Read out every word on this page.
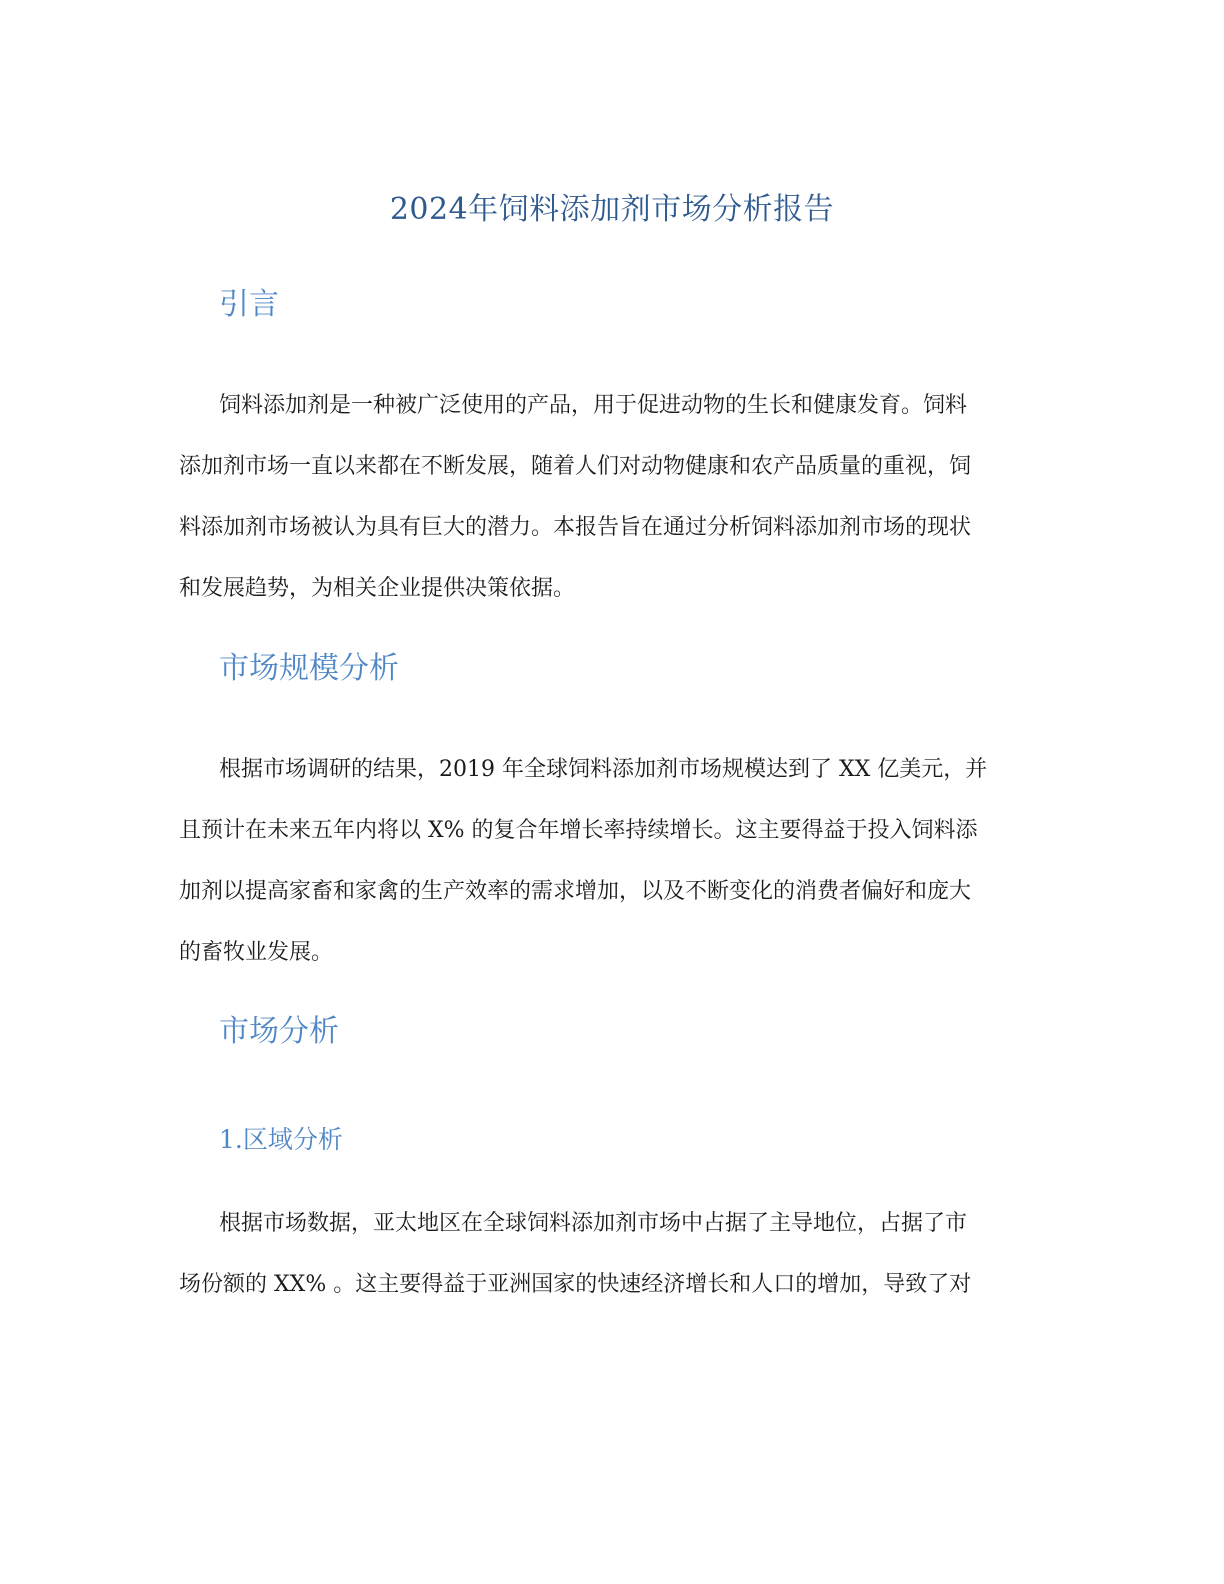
2024年饲料添加剂市场分析报告
引言
饲料添加剂是一种被广泛使用的产品，用于促进动物的生长和健康发育。饲料
添加剂市场一直以来都在不断发展，随着人们对动物健康和农产品质量的重视，饲
料添加剂市场被认为具有巨大的潜力。本报告旨在通过分析饲料添加剂市场的现状
和发展趋势，为相关企业提供决策依据。
市场规模分析
根据市场调研的结果，2019 年全球饲料添加剂市场规模达到了 XX 亿美元，并
且预计在未来五年内将以 X% 的复合年增长率持续增长。这主要得益于投入饲料添
加剂以提高家畜和家禽的生产效率的需求增加，以及不断变化的消费者偏好和庞大
的畜牧业发展。
市场分析
1.区域分析
根据市场数据，亚太地区在全球饲料添加剂市场中占据了主导地位，占据了市
场份额的 XX% 。这主要得益于亚洲国家的快速经济增长和人口的增加，导致了对
